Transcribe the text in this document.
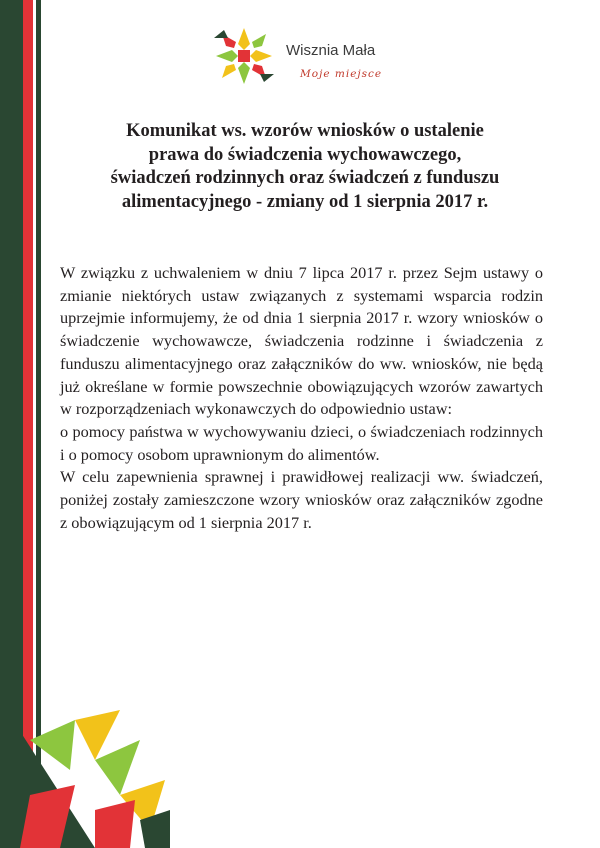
Wisznia Mała
Moje miejsce
Komunikat ws. wzorów wniosków o ustalenie
prawa do świadczenia wychowawczego,
świadczeń rodzinnych oraz świadczeń z funduszu
alimentacyjnego - zmiany od 1 sierpnia 2017 r.

W związku z uchwaleniem w dniu 7 lipca 2017 r. przez Sejm ustawy o zmianie niektórych ustaw związanych z systemami wsparcia rodzin uprzejmie informujemy, że od dnia 1 sierpnia 2017 r. wzory wniosków o świadczenie wychowawcze, świadczenia rodzinne i świadczenia z funduszu alimentacyjnego oraz załączników do ww. wniosków, nie będą już określane w formie powszechnie obowiązujących wzorów zawartych w rozporządzeniach wykonawczych do odpowiednio ustaw:

o pomocy państwa w wychowywaniu dzieci, o świadczeniach rodzinnych i o pomocy osobom uprawnionym do alimentów.

W celu zapewnienia sprawnej i prawidłowej realizacji ww. świadczeń, poniżej zostały zamieszczone wzory wniosków oraz załączników zgodne z obowiązującym od 1 sierpnia 2017 r.
